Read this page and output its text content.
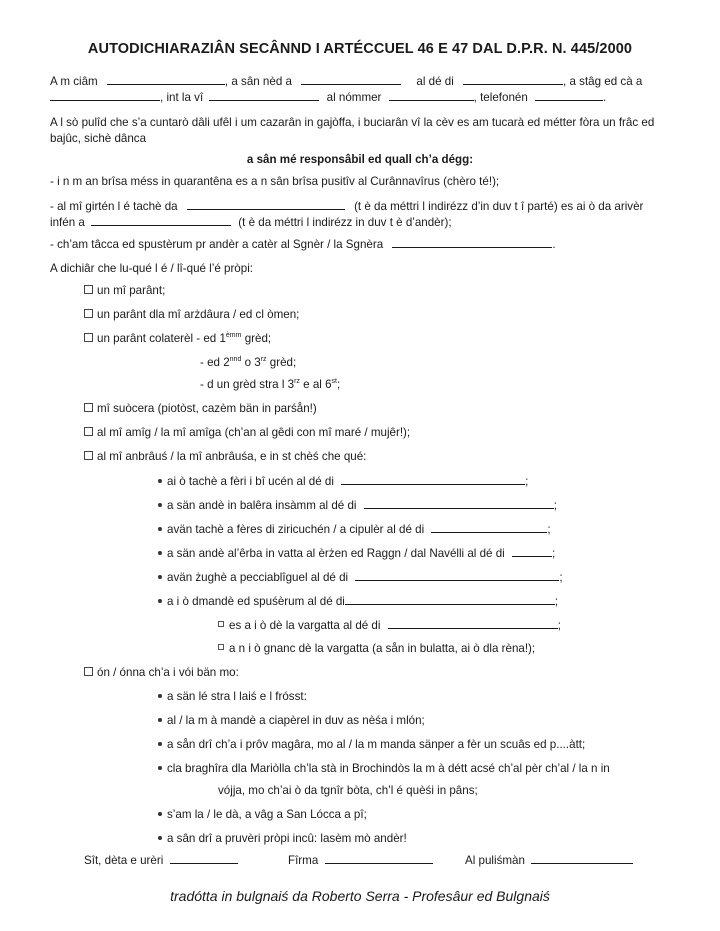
AUTODICHIARAZIÂN SECÂNND I ARTÉCCUEL 46 E 47 DAL D.P.R. N. 445/2000
A m ciâm	, a sân nèd a	al dé di	, a stâg ed cà a
, int la vî	al nómmer	, telefonén	.
A l sò pulîd che s’a cuntarò dâli ufêl i um cazarân in gajòffa, i buciarân vî la cèv es am tucarà ed métter fòra un frâc ed
bajûc, sichè dânca
a sân mé responsâbil ed quall ch’a dégg:
- i n m an brîsa méss in quarantêna es a n sân brîsa pusitîv al Curânnavîrus (chèro té!);
- al mî girtén l é tachè da	(t è da méttri l indirézz d’in duv t î parté) es ai ò da arivèr
infén a	(t è da méttri l indirézz in duv t è d’andèr);
- ch’am tâcca ed spustèrum pr andèr a catèr al Sgnèr / la Sgnèra	.
A dichiâr che lu-qué l é / lî-qué l’é pròpi:
un mî parânt;
un parânt dla mî arżdâura / ed cl òmen;
un parânt colaterèl - ed $1^{èmm}$ grèd;
- ed $2^{nnd}$ o $3^{rz}$ grèd;
- d un grèd stra l $3^{rz}$ e al 6st;
mî suòcera (piotòst, cazèm bän in parśån!)
al mî amîg / la mî amîga (ch’an al gêdi con mî maré / mujêr!);
al mî anbrâuś / la mî anbrâuśa, e in st chèś che qué:
ai ò tachè a fèri i bî ucén al dé di	;
a sän andè in balêra insàmm al dé di	;
avän tachè a fères di ziricuchén / a cipulèr al dé di	;
a sän andè al’êrba in vatta al èrżen ed Raggn / dal Navélli al dé di	;
avän żughè a pecciablîguel al dé di	;
a i ò dmandè ed spuśèrum al dé di	;
es a i ò dè la vargatta al dé di	;
a n i ò gnanc dè la vargatta (a sån in bulatta, ai ò dla rèna!);
ón / ónna ch’a i vói bän mo:
a sän lé stra l laiś e l frósst:
al / la m à mandè a ciapèrel in duv as nèśa i mlón;
a sån drî ch’a i prôv magâra, mo al / la m manda sänper a fèr un scuâs ed p....àtt;
cla braghîra dla Mariòlla ch’la stà in Brochindòs la m à détt acsé ch’al pèr ch’al / la n in
vójja, mo ch’ai ò da tgnîr bòta, ch’l é quèśi in pâns;
s’am la / le dà, a vâg a San Lócca a pî;
a sân drî a pruvèri pròpi incû: lasèm mò andèr!
Sît, dèta e urèri	Fîrma	Al puliśmàn
tradótta in bulgnaiś da Roberto Serra - Profesâur ed Bulgnaiś
